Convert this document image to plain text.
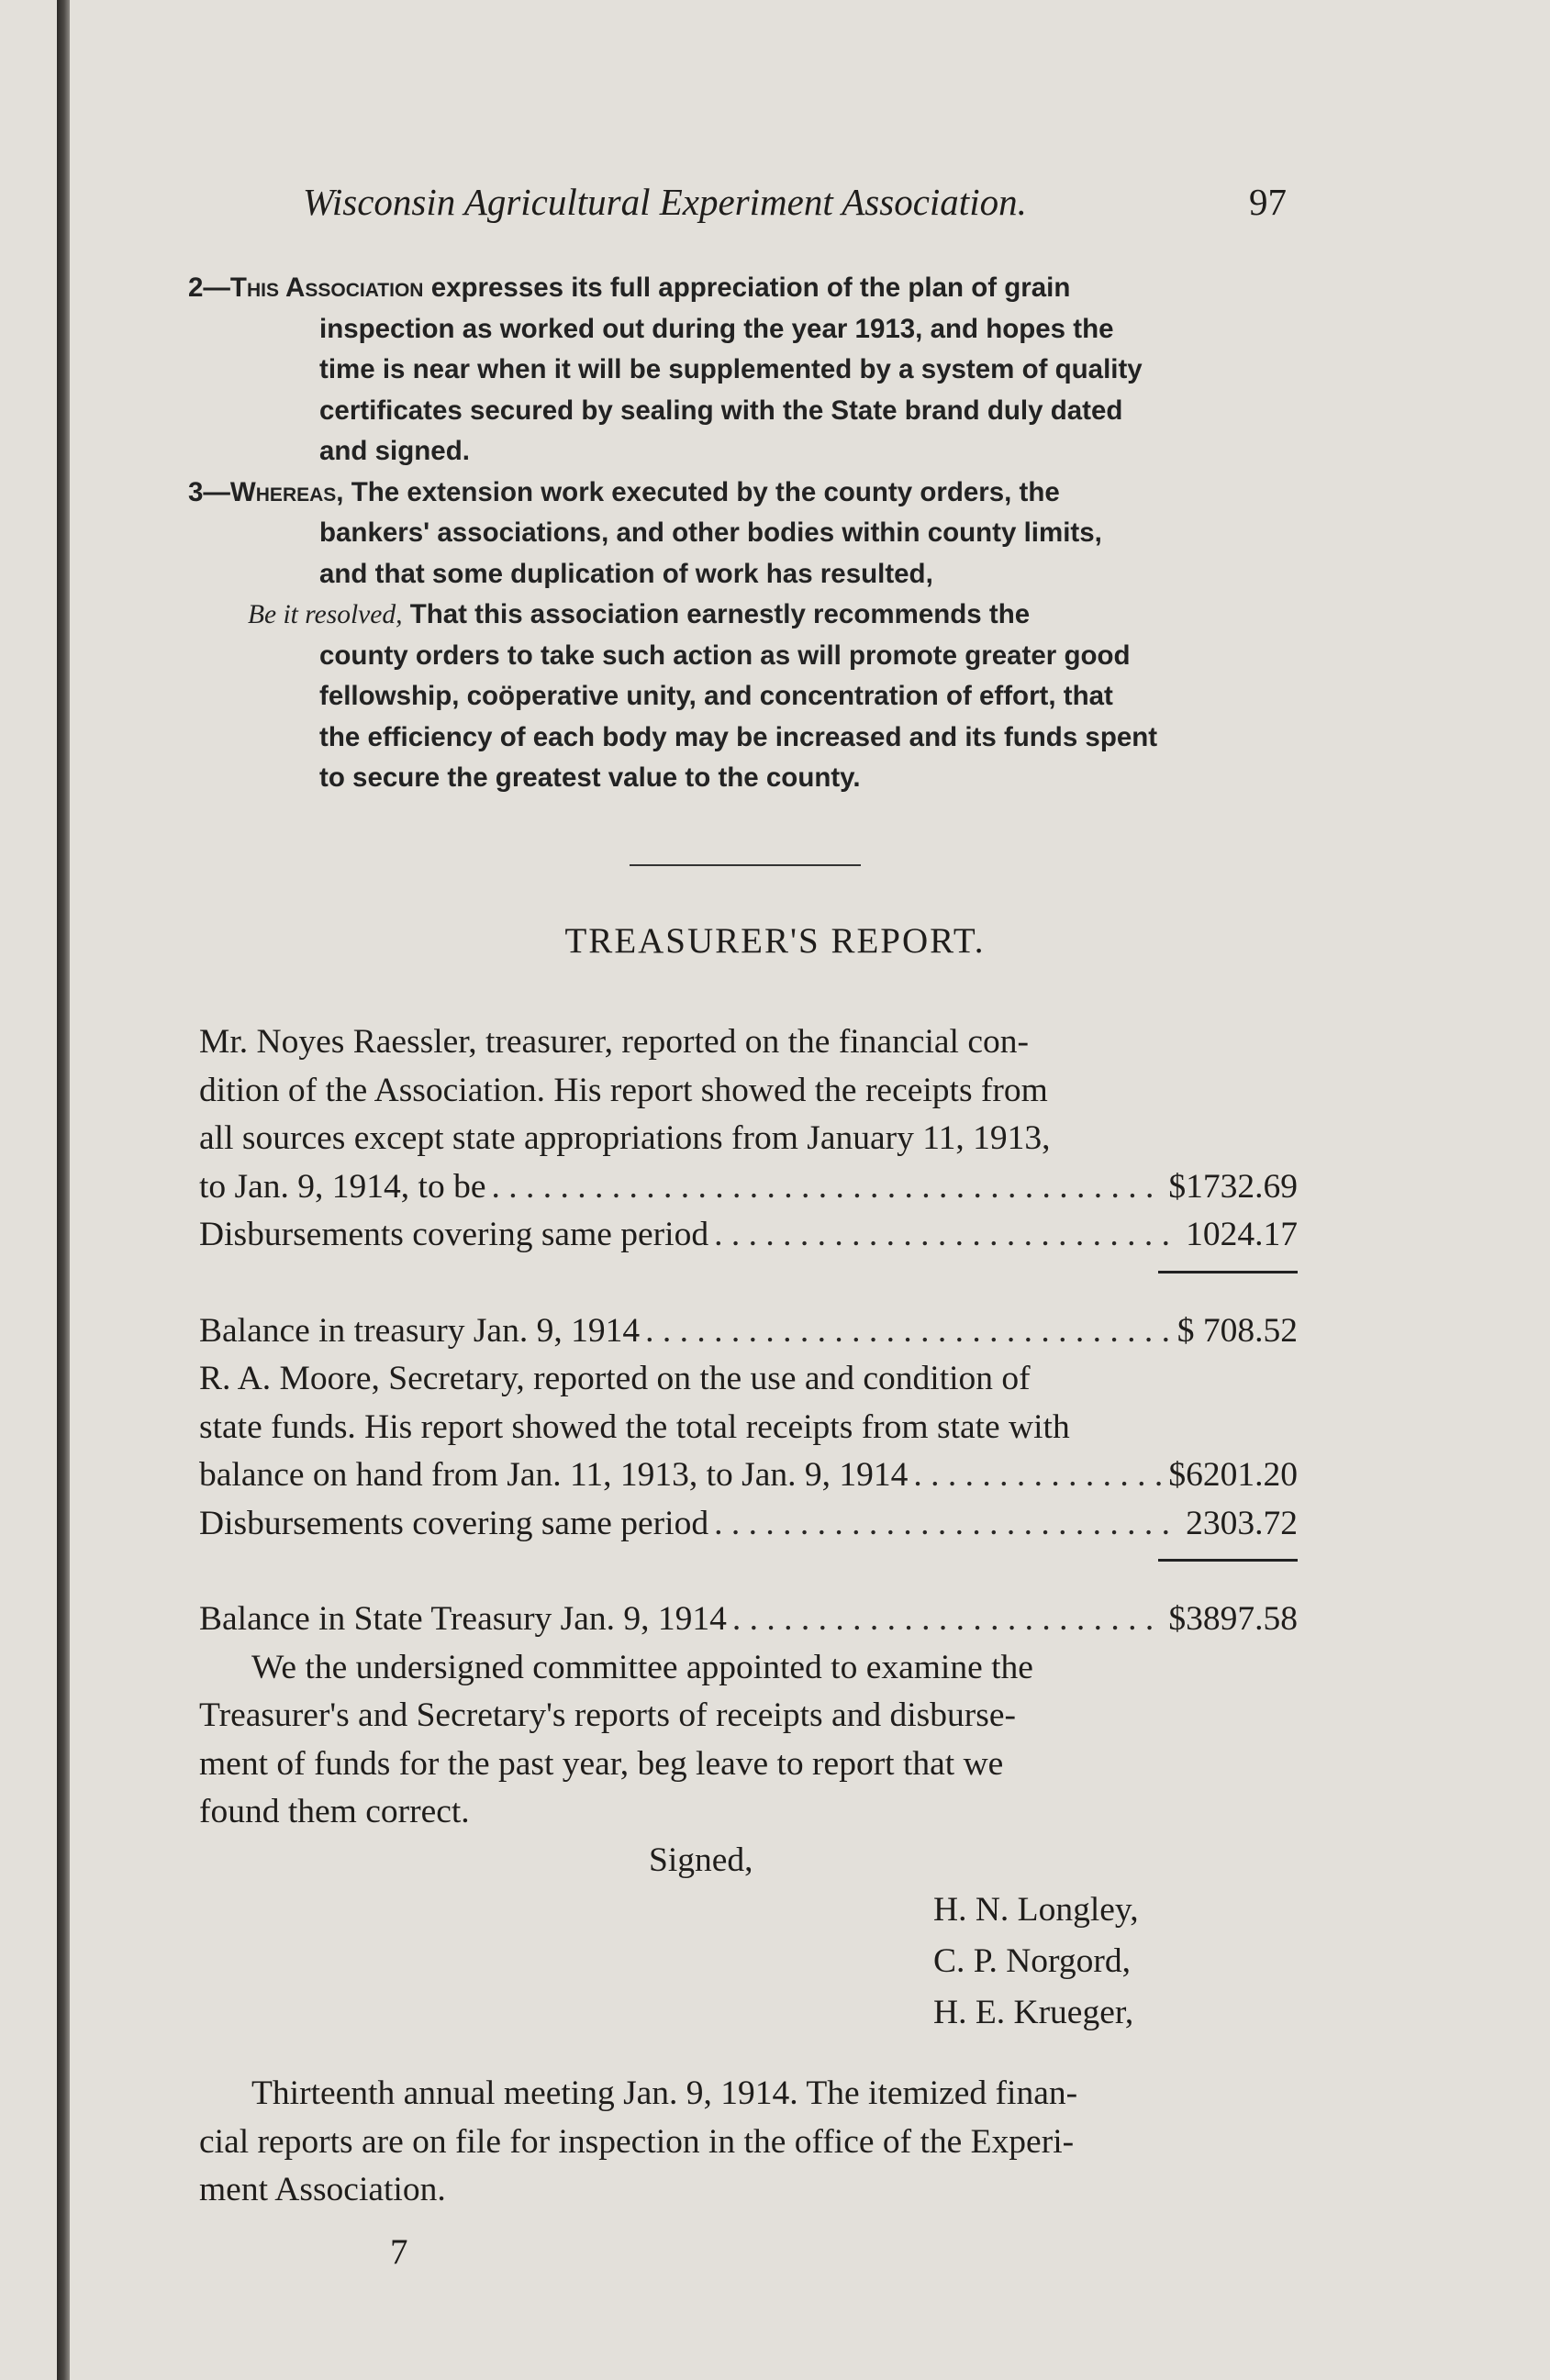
Wisconsin Agricultural Experiment Association.	97
2—This Association expresses its full appreciation of the plan of grain
inspection as worked out during the year 1913, and hopes the
time is near when it will be supplemented by a system of quality
certificates secured by sealing with the State brand duly dated
and signed.
3—Whereas, The extension work executed by the county orders, the
bankers' associations, and other bodies within county limits,
and that some duplication of work has resulted,
Be it resolved, That this association earnestly recommends the
county orders to take such action as will promote greater good
fellowship, coöperative unity, and concentration of effort, that
the efficiency of each body may be increased and its funds spent
to secure the greatest value to the county.
TREASURER'S REPORT.
Mr. Noyes Raessler, treasurer, reported on the financial con-
dition of the Association. His report showed the receipts from
all sources except state appropriations from January 11, 1913,
to Jan. 9, 1914, to be . . .	$1732.69
Disbursements covering same period . . .	1024.17
Balance in treasury Jan. 9, 1914 . . .	$ 708.52
R. A. Moore, Secretary, reported on the use and condition of
state funds. His report showed the total receipts from state with
balance on hand from Jan. 11, 1913, to Jan. 9, 1914 . . .	$6201.20
Disbursements covering same period . . .	2303.72
Balance in State Treasury Jan. 9, 1914 . . .	$3897.58
We the undersigned committee appointed to examine the
Treasurer's and Secretary's reports of receipts and disburse-
ment of funds for the past year, beg leave to report that we
found them correct.
Signed,
H. N. Longley,
C. P. Norgord,
H. E. Krueger,
Thirteenth annual meeting Jan. 9, 1914. The itemized finan-
cial reports are on file for inspection in the office of the Experi-
ment Association.
7
